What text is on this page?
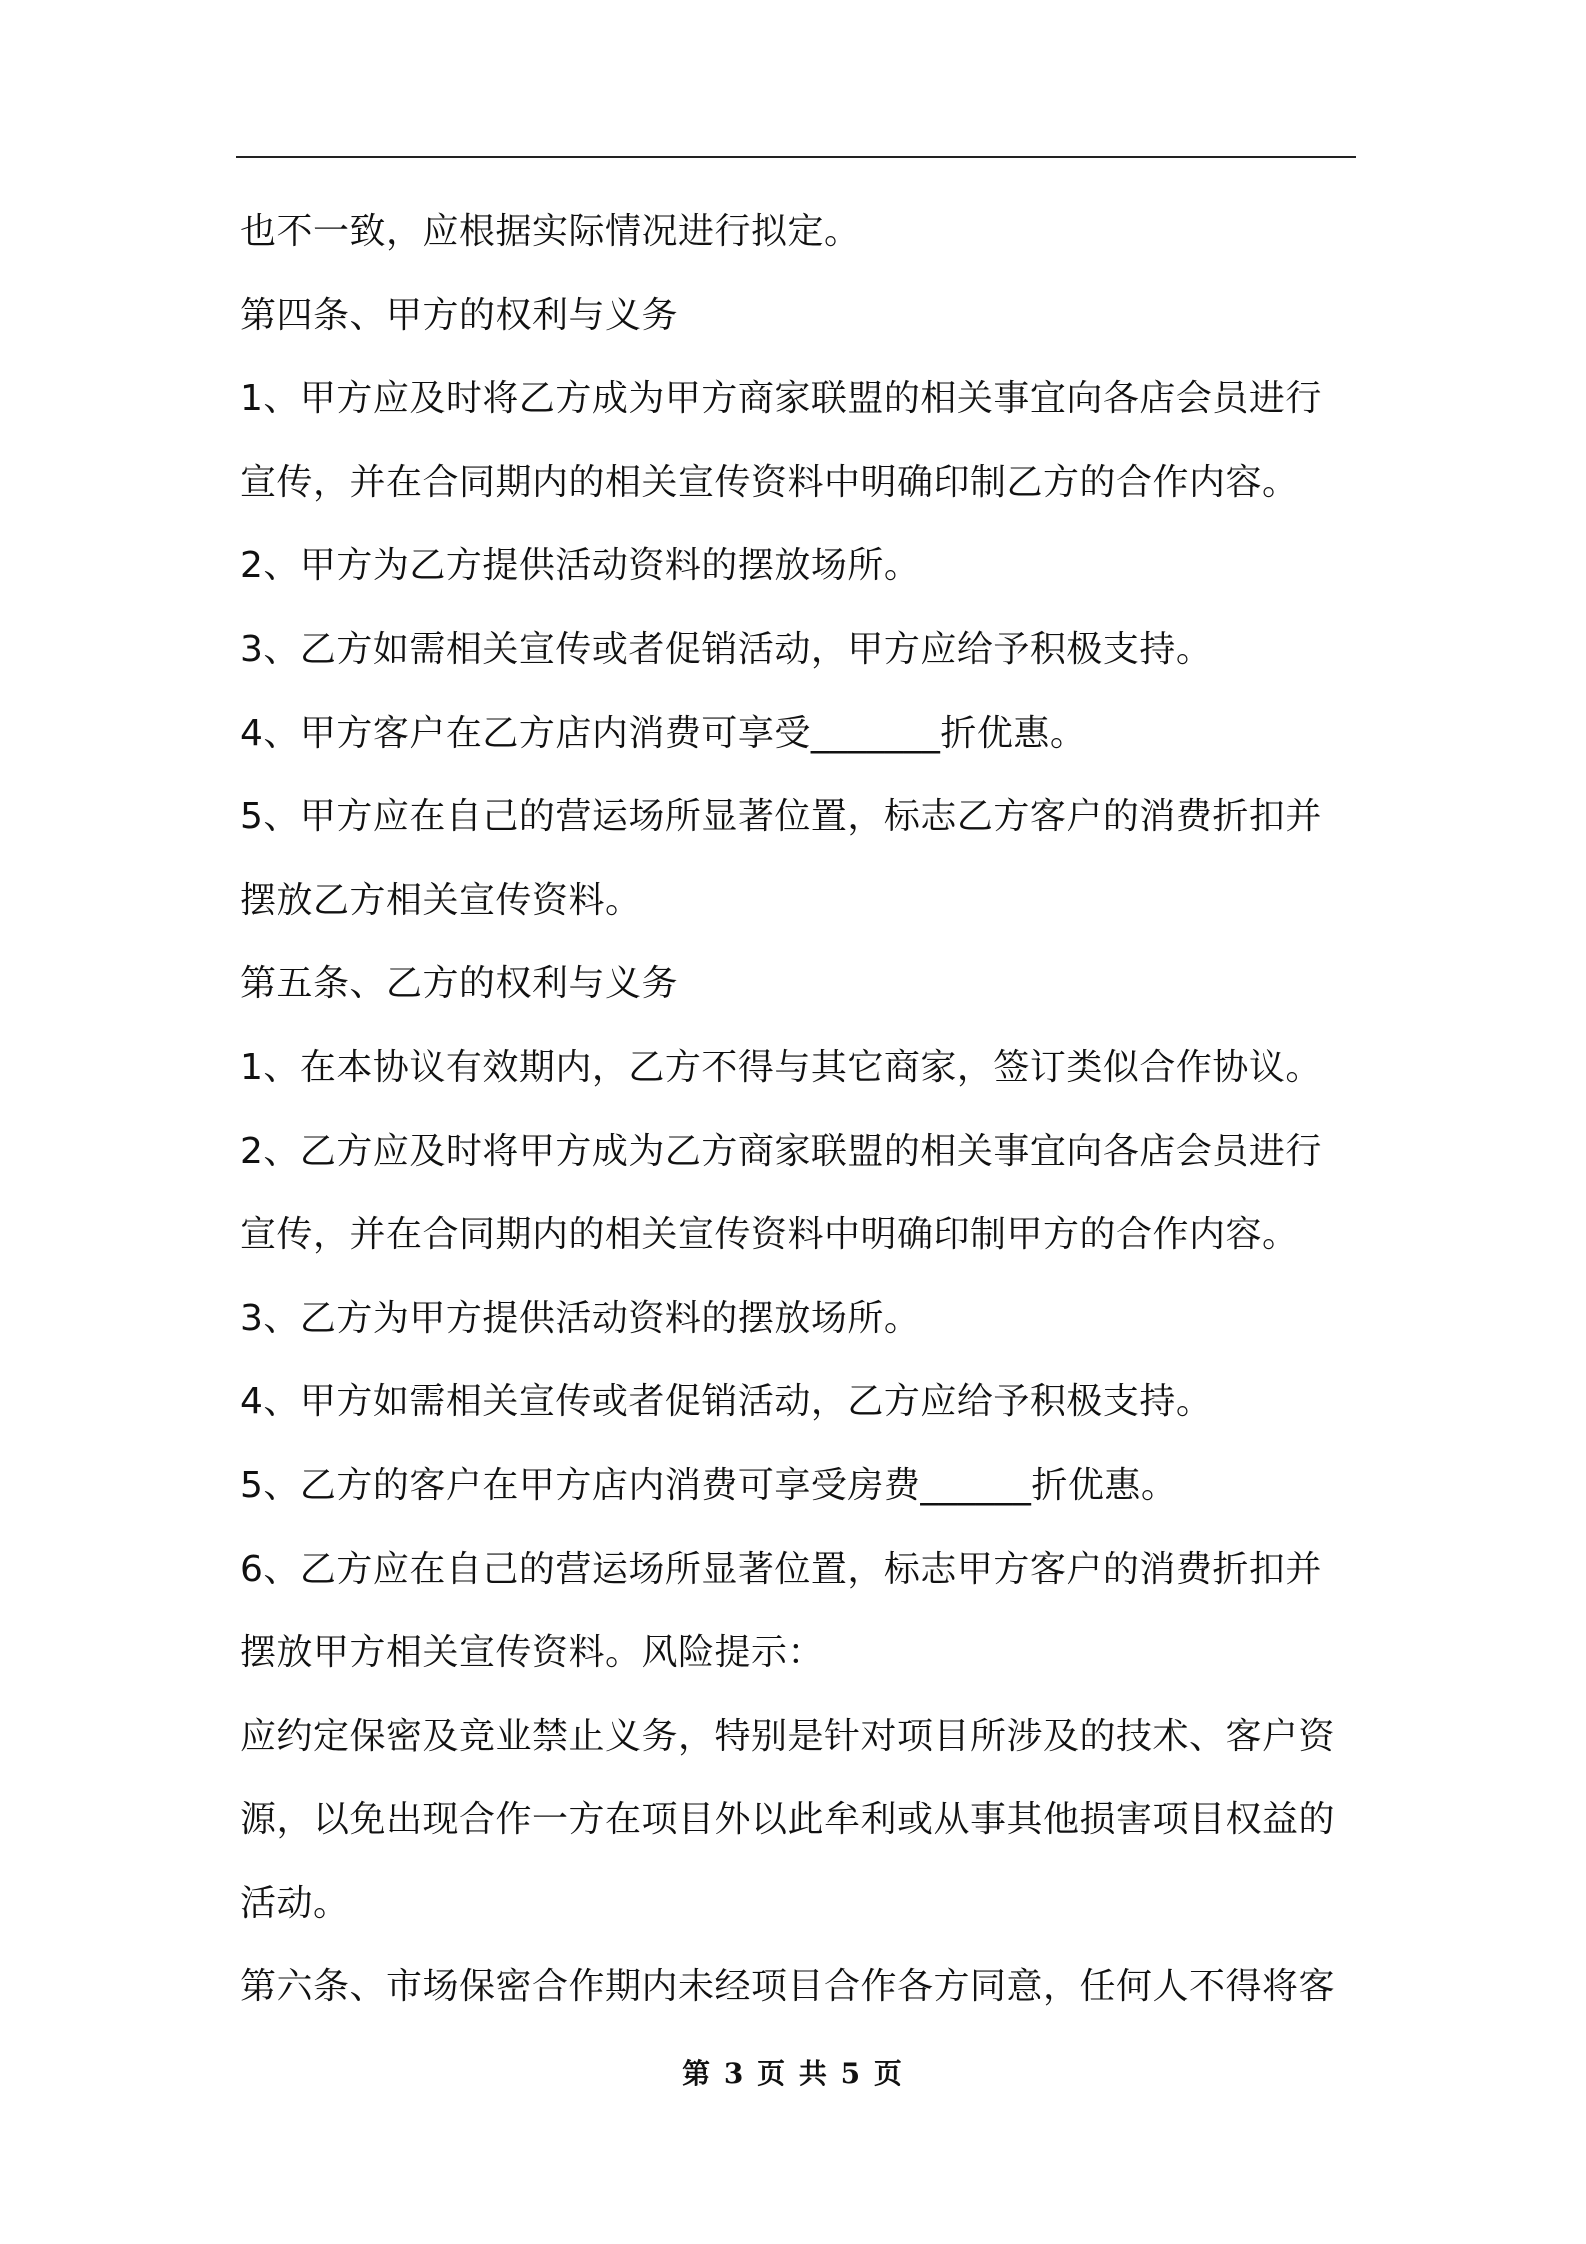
也不一致，应根据实际情况进行拟定。
第四条、甲方的权利与义务
1、甲方应及时将乙方成为甲方商家联盟的相关事宜向各店会员进行
宣传，并在合同期内的相关宣传资料中明确印制乙方的合作内容。
2、甲方为乙方提供活动资料的摆放场所。
3、乙方如需相关宣传或者促销活动，甲方应给予积极支持。
4、甲方客户在乙方店内消费可享受_______折优惠。
5、甲方应在自己的营运场所显著位置，标志乙方客户的消费折扣并
摆放乙方相关宣传资料。
第五条、乙方的权利与义务
1、在本协议有效期内，乙方不得与其它商家，签订类似合作协议。
2、乙方应及时将甲方成为乙方商家联盟的相关事宜向各店会员进行
宣传，并在合同期内的相关宣传资料中明确印制甲方的合作内容。
3、乙方为甲方提供活动资料的摆放场所。
4、甲方如需相关宣传或者促销活动，乙方应给予积极支持。
5、乙方的客户在甲方店内消费可享受房费______折优惠。
6、乙方应在自己的营运场所显著位置，标志甲方客户的消费折扣并
摆放甲方相关宣传资料。风险提示：
应约定保密及竞业禁止义务，特别是针对项目所涉及的技术、客户资
源，以免出现合作一方在项目外以此牟利或从事其他损害项目权益的
活动。
第六条、市场保密合作期内未经项目合作各方同意，任何人不得将客
第 3 页 共 5 页
